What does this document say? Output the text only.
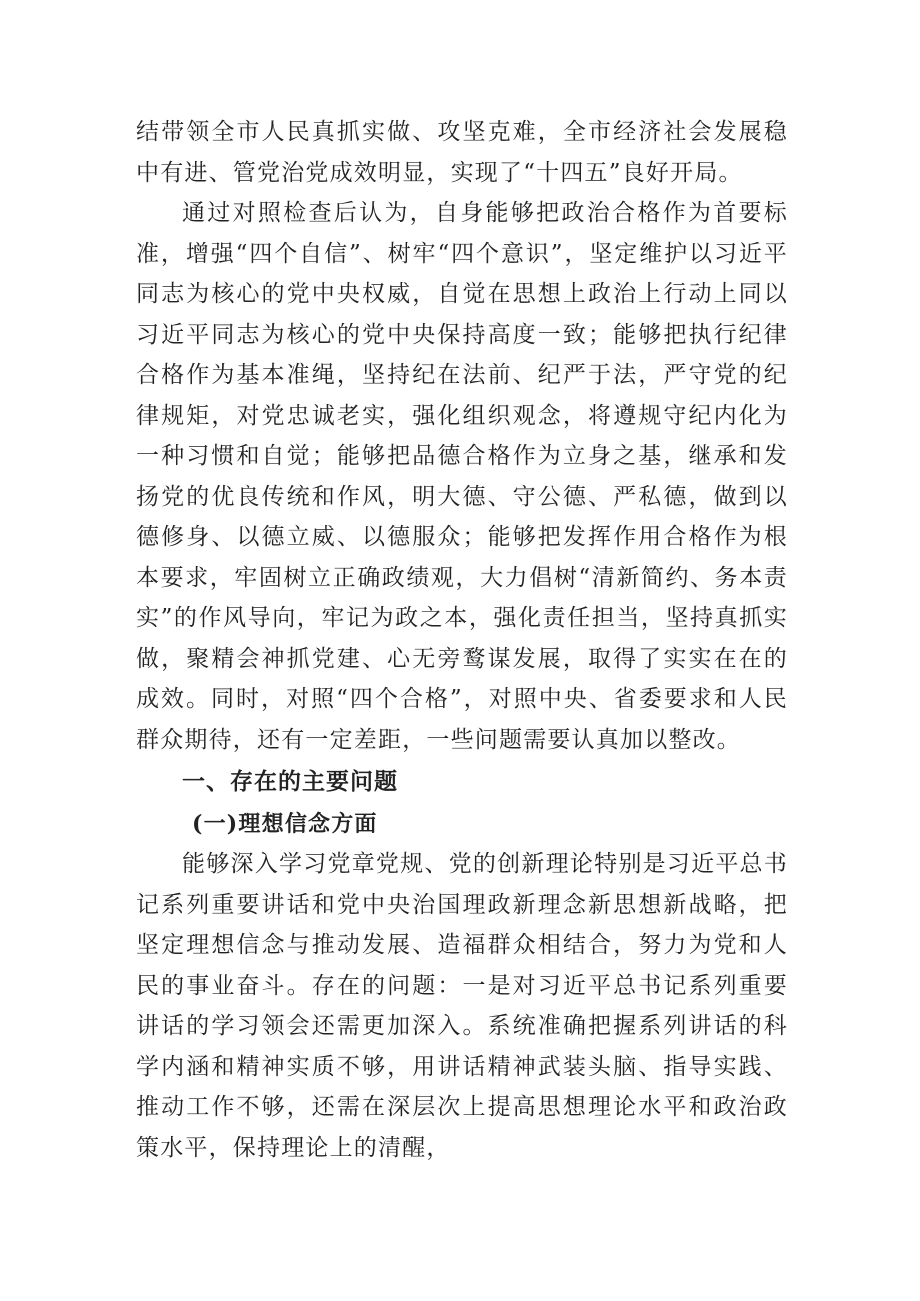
结带领全市人民真抓实做、攻坚克难，全市经济社会发展稳中有进、管党治党成效明显，实现了“十四五”良好开局。

通过对照检查后认为，自身能够把政治合格作为首要标准，增强“四个自信”、树牢“四个意识”，坚定维护以习近平同志为核心的党中央权威，自觉在思想上政治上行动上同以习近平同志为核心的党中央保持高度一致；能够把执行纪律合格作为基本准绳，坚持纪在法前、纪严于法，严守党的纪律规矩，对党忠诚老实，强化组织观念，将遵规守纪内化为一种习惯和自觉；能够把品德合格作为立身之基，继承和发扬党的优良传统和作风，明大德、守公德、严私德，做到以德修身、以德立威、以德服众；能够把发挥作用合格作为根本要求，牢固树立正确政绩观，大力倡树“清新简约、务本责实”的作风导向，牢记为政之本，强化责任担当，坚持真抓实做，聚精会神抓党建、心无旁鹜谋发展，取得了实实在在的成效。同时，对照“四个合格”，对照中央、省委要求和人民群众期待，还有一定差距，一些问题需要认真加以整改。

一、存在的主要问题
(一)理想信念方面

能够深入学习党章党规、党的创新理论特别是习近平总书记系列重要讲话和党中央治国理政新理念新思想新战略，把坚定理想信念与推动发展、造福群众相结合，努力为党和人民的事业奋斗。存在的问题：一是对习近平总书记系列重要讲话的学习领会还需更加深入。系统准确把握系列讲话的科学内涵和精神实质不够，用讲话精神武装头脑、指导实践、推动工作不够，还需在深层次上提高思想理论水平和政治政策水平，保持理论上的清醒，
